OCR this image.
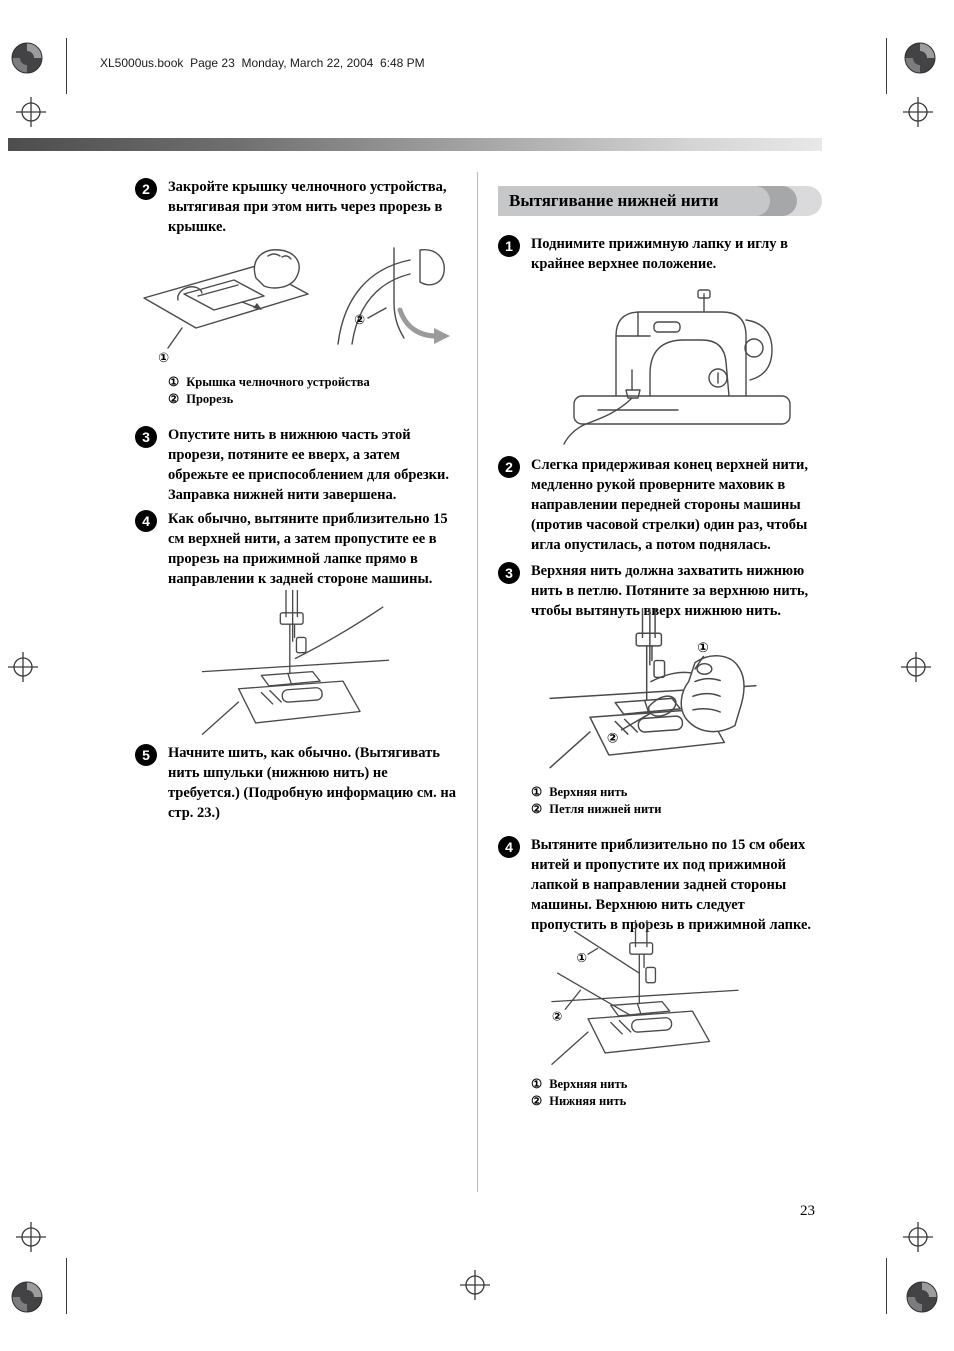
XL5000us.book  Page 23  Monday, March 22, 2004  6:48 PM
2	Закройте крышку челночного устройства, вытягивая при этом нить через прорезь в крышке.
①
②
① Крышка челночного устройства
② Прорезь
3	Опустите нить в нижнюю часть этой прорези, потяните ее вверх, а затем обрежьте ее приспособлением для обрезки. Заправка нижней нити завершена.
4	Как обычно, вытяните приблизительно 15 см верхней нити, а затем пропустите ее в прорезь на прижимной лапке прямо в направлении к задней стороне машины.
5	Начните шить, как обычно. (Вытягивать нить шпульки (нижнюю нить) не требуется.) (Подробную информацию см. на стр. 23.)
Вытягивание нижней нити
1	Поднимите прижимную лапку и иглу в крайнее верхнее положение.
2	Слегка придерживая конец верхней нити, медленно рукой проверните маховик в направлении передней стороны машины (против часовой стрелки) один раз, чтобы игла опустилась, а потом поднялась.
3	Верхняя нить должна захватить нижнюю нить в петлю. Потяните за верхнюю нить, чтобы вытянуть вверх нижнюю нить.
①
②
① Верхняя нить
② Петля нижней нити
4	Вытяните приблизительно по 15 см обеих нитей и пропустите их под прижимной лапкой в направлении задней стороны машины. Верхнюю нить следует пропустить в прорезь в прижимной лапке.
①
②
① Верхняя нить
② Нижняя нить
23
